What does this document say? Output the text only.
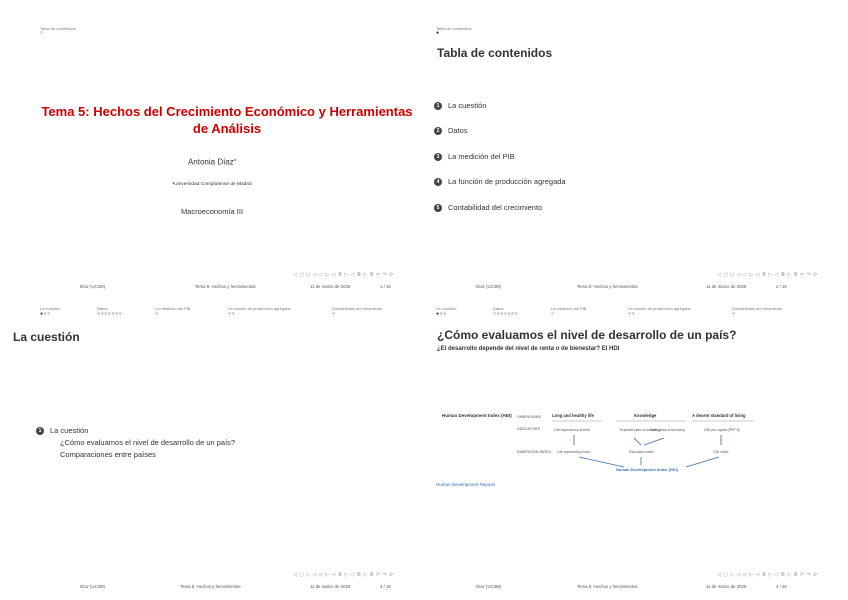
Tabla de contenidos
○
Tema 5: Hechos del Crecimiento Económico y Herramientas de Análisis
Antonia Díaz$^a$
ᵃUniversidad Complutense de Madrid
Macroeconomía III
◁ ▢ ▷ ◁ ▱ ▷ ◁ ≣ ▷ ◁ ≣ ▷ ≣ ↶ ↷ ⟳
Díaz (UC3M)	Tema 5: Hechos y herramientas	11 de marzo de 2025	1 / 16
Tabla de contenidos
●
Tabla de contenidos
1	La cuestión
2	Datos
3	La medición del PIB
4	La función de producción agregada
5	Contabilidad del crecimiento
◁ ▢ ▷ ◁ ▱ ▷ ◁ ≣ ▷ ◁ ≣ ▷ ≣ ↶ ↷ ⟳
Díaz (UC3M)	Tema 5: Hechos y herramientas	11 de marzo de 2025	2 / 16
La cuestión
●○○
Datos
○○○○○○○
La medición del PIB
○
La función de producción agregada
○○
Contabilidad del crecimiento
○
La cuestión
1	La cuestión
¿Cómo evaluamos el nivel de desarrollo de un país?
Comparaciones entre países
◁ ▢ ▷ ◁ ▱ ▷ ◁ ≣ ▷ ◁ ≣ ▷ ≣ ↶ ↷ ⟳
Díaz (UC3M)	Tema 5: Hechos y herramientas	11 de marzo de 2025	3 / 16
La cuestión
●○○
Datos
○○○○○○○
La medición del PIB
○
La función de producción agregada
○○
Contabilidad del crecimiento
○
¿Cómo evaluamos el nivel de desarrollo de un país?
¿El desarrollo depende del nivel de renta o de bienestar? El HDI
Human Development Index (HDI) DIMENSIONS
INDICATORS
DIMENSION INDEX
Long and healthy life	Knowledge	A decent standard of living
Life expectancy at birth	Expected years of schooling
Mean years of schooling	GNI per capita (PPP $)
Life expectancy index	Education index	GNI index
Human Development Index (HDI)
Human Development Reports
◁ ▢ ▷ ◁ ▱ ▷ ◁ ≣ ▷ ◁ ≣ ▷ ≣ ↶ ↷ ⟳
Díaz (UC3M)	Tema 5: Hechos y herramientas	11 de marzo de 2025	4 / 16
